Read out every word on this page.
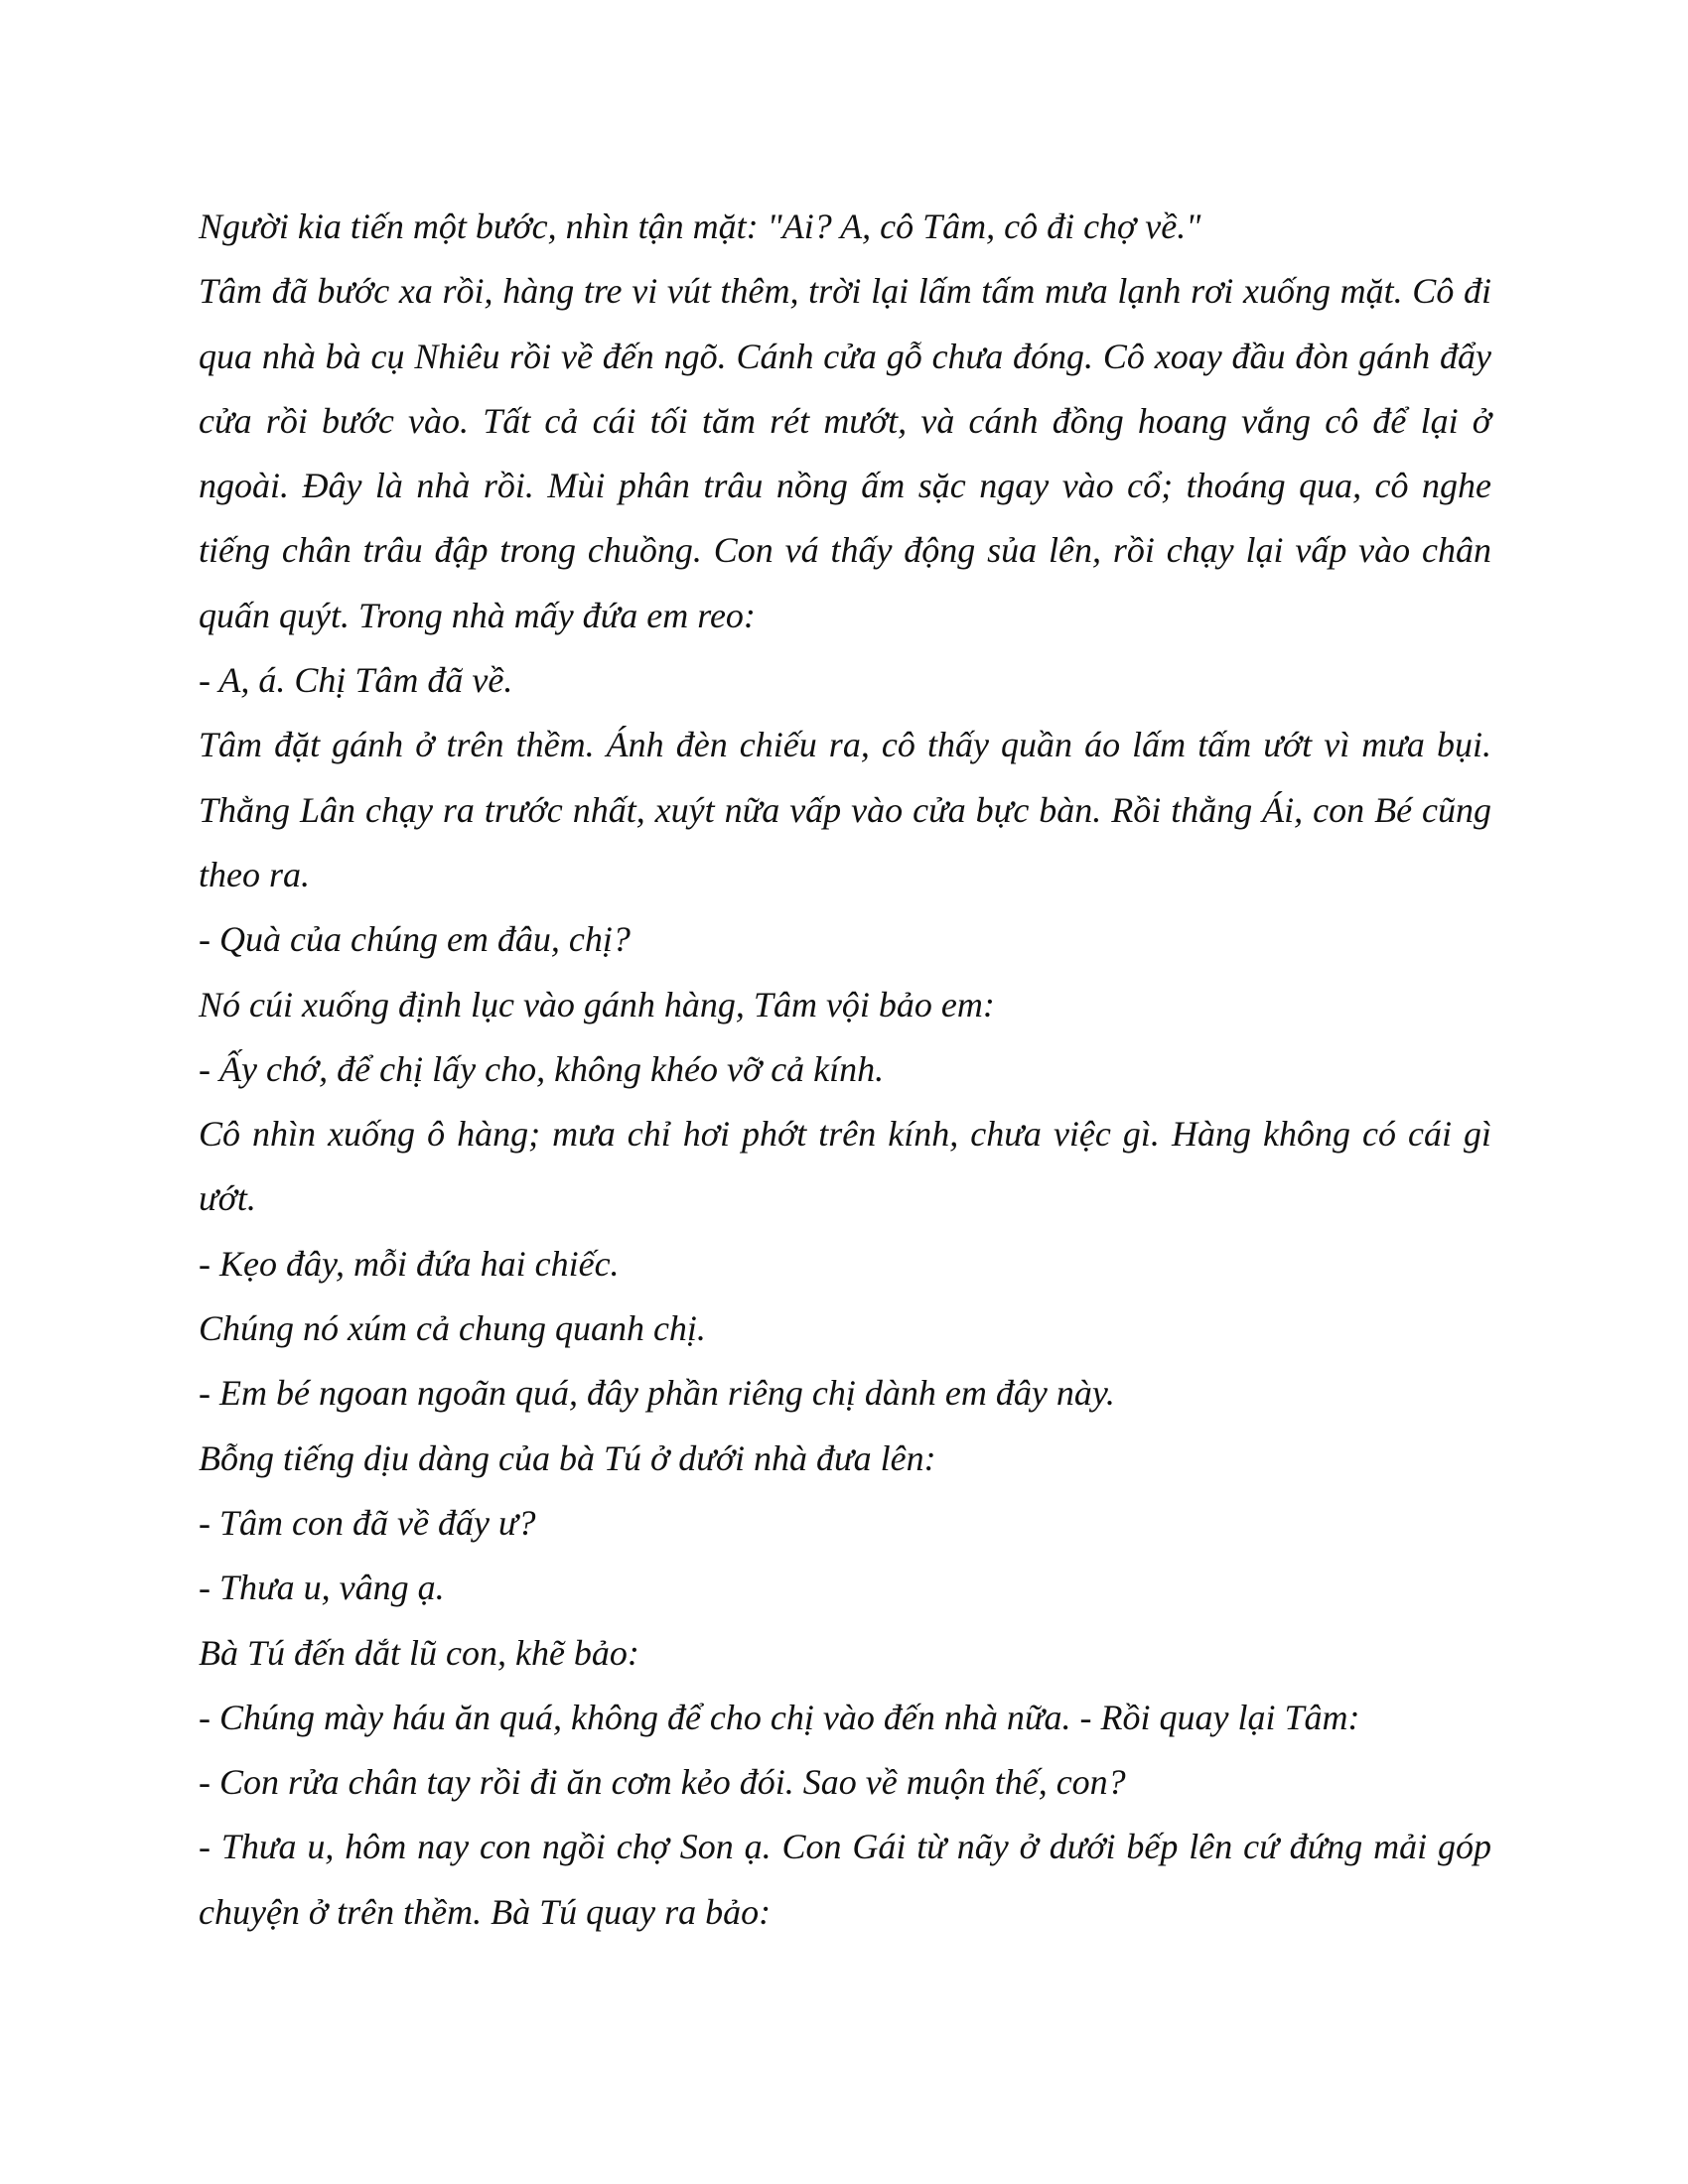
Người kia tiến một bước, nhìn tận mặt: "Ai? A, cô Tâm, cô đi chợ về."

Tâm đã bước xa rồi, hàng tre vi vút thêm, trời lại lấm tấm mưa lạnh rơi xuống mặt. Cô đi qua nhà bà cụ Nhiêu rồi về đến ngõ. Cánh cửa gỗ chưa đóng. Cô xoay đầu đòn gánh đẩy cửa rồi bước vào. Tất cả cái tối tăm rét mướt, và cánh đồng hoang vắng cô để lại ở ngoài. Đây là nhà rồi. Mùi phân trâu nồng ấm sặc ngay vào cổ; thoáng qua, cô nghe tiếng chân trâu đập trong chuồng. Con vá thấy động sủa lên, rồi chạy lại vấp vào chân quấn quýt. Trong nhà mấy đứa em reo:

- A, á. Chị Tâm đã về.

Tâm đặt gánh ở trên thềm. Ánh đèn chiếu ra, cô thấy quần áo lấm tấm ướt vì mưa bụi. Thằng Lân chạy ra trước nhất, xuýt nữa vấp vào cửa bực bàn. Rồi thằng Ái, con Bé cũng theo ra.

- Quà của chúng em đâu, chị?

Nó cúi xuống định lục vào gánh hàng, Tâm vội bảo em:

- Ấy chớ, để chị lấy cho, không khéo vỡ cả kính.

Cô nhìn xuống ô hàng; mưa chỉ hơi phớt trên kính, chưa việc gì. Hàng không có cái gì ướt.

- Kẹo đây, mỗi đứa hai chiếc.

Chúng nó xúm cả chung quanh chị.

- Em bé ngoan ngoãn quá, đây phần riêng chị dành em đây này.

Bỗng tiếng dịu dàng của bà Tú ở dưới nhà đưa lên:

- Tâm con đã về đấy ư?

- Thưa u, vâng ạ.

Bà Tú đến dắt lũ con, khẽ bảo:

- Chúng mày háu ăn quá, không để cho chị vào đến nhà nữa. - Rồi quay lại Tâm:

- Con rửa chân tay rồi đi ăn cơm kẻo đói. Sao về muộn thế, con?

- Thưa u, hôm nay con ngồi chợ Son ạ. Con Gái từ nãy ở dưới bếp lên cứ đứng mải góp chuyện ở trên thềm. Bà Tú quay ra bảo:
